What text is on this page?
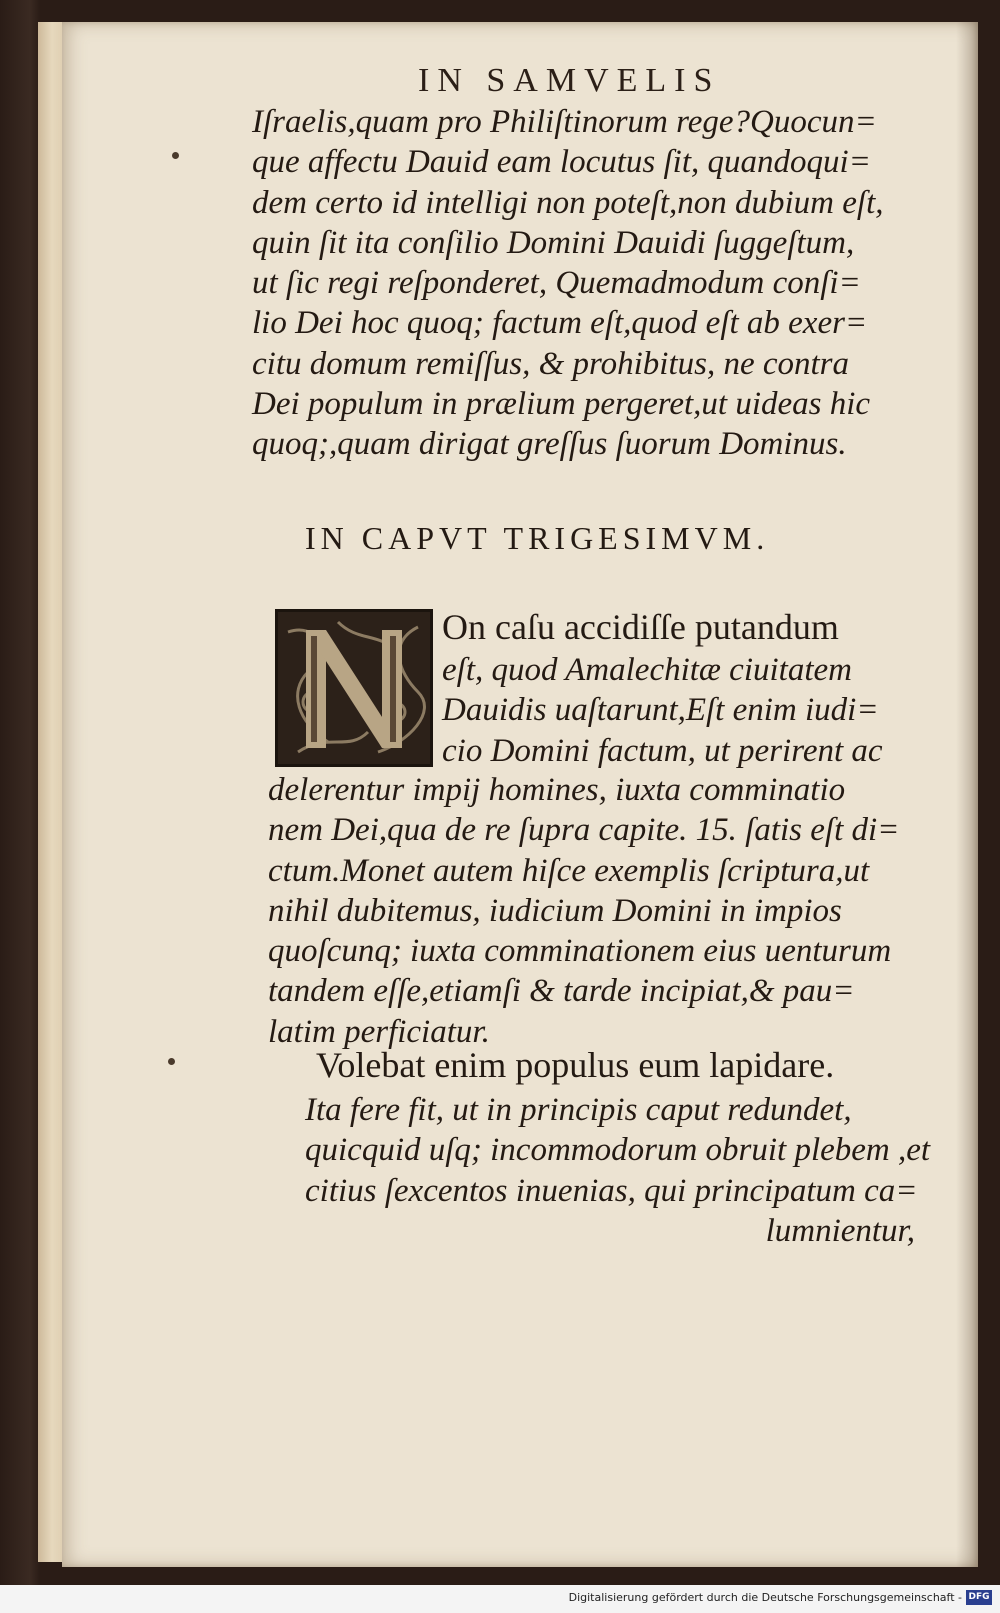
IN SAMVELIS
Iſraelis,quam pro Philiſtinorum rege?Quocun=
que affectu Dauid eam locutus ſit, quandoqui=
dem certo id intelligi non poteſt,non dubium eſt,
quin ſit ita conſilio Domini Dauidi ſuggeſtum,
ut ſic regi reſponderet, Quemadmodum conſi=
lio Dei hoc quoq; factum eſt,quod eſt ab exer=
citu domum remiſſus, & prohibitus, ne contra
Dei populum in prælium pergeret,ut uideas hic
quoq;,quam dirigat greſſus ſuorum Dominus.
IN CAPVT TRIGESIMVM.
On caſu accidiſſe putandum
eſt, quod Amalechitæ ciuitatem
Dauidis uaſtarunt,Eſt enim iudi=
cio Domini factum, ut perirent ac
delerentur impij homines, iuxta comminatio
nem Dei,qua de re ſupra capite. 15. ſatis eſt di=
ctum.Monet autem hiſce exemplis ſcriptura,ut
nihil dubitemus, iudicium Domini in impios
quoſcunq; iuxta comminationem eius uenturum
tandem eſſe,etiamſi & tarde incipiat,& pau=
latim perficiatur.
Volebat enim populus eum lapidare.
Ita fere fit, ut in principis caput redundet,
quicquid uſq; incommodorum obruit plebem ,et
citius ſexcentos inuenias, qui principatum ca=
lumnientur,
Digitalisierung gefördert durch die Deutsche Forschungsgemeinschaft - DFG
